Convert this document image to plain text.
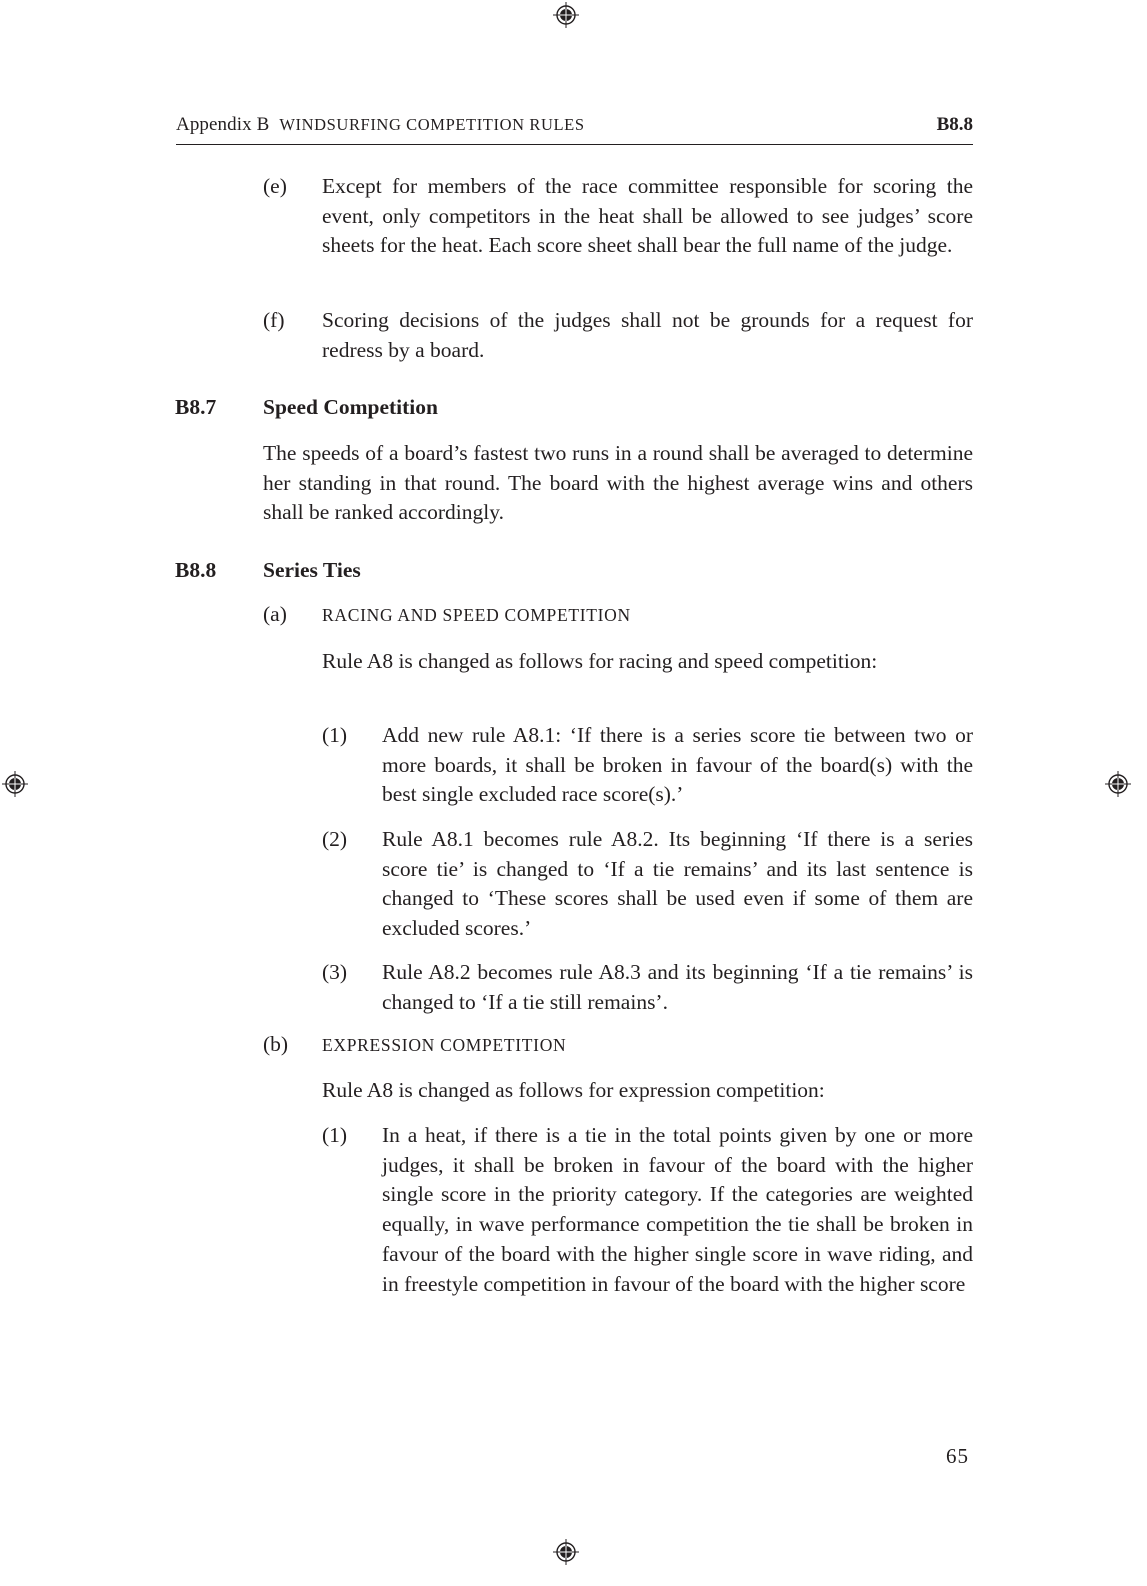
Appendix B WINDSURFING COMPETITION RULES	B8.8
(e)	Except for members of the race committee responsible for scoring the event, only competitors in the heat shall be allowed to see judges’ score sheets for the heat. Each score sheet shall bear the full name of the judge.
(f)	Scoring decisions of the judges shall not be grounds for a request for redress by a board.
B8.7	Speed Competition
The speeds of a board’s fastest two runs in a round shall be averaged to determine her standing in that round. The board with the highest average wins and others shall be ranked accordingly.
B8.8	Series Ties
(a)	RACING AND SPEED COMPETITION
Rule A8 is changed as follows for racing and speed competition:
(1)	Add new rule A8.1: ‘If there is a series score tie between two or more boards, it shall be broken in favour of the board(s) with the best single excluded race score(s).’
(2)	Rule A8.1 becomes rule A8.2. Its beginning ‘If there is a series score tie’ is changed to ‘If a tie remains’ and its last sentence is changed to ‘These scores shall be used even if some of them are excluded scores.’
(3)	Rule A8.2 becomes rule A8.3 and its beginning ‘If a tie remains’ is changed to ‘If a tie still remains’.
(b)	EXPRESSION COMPETITION
Rule A8 is changed as follows for expression competition:
(1)	In a heat, if there is a tie in the total points given by one or more judges, it shall be broken in favour of the board with the higher single score in the priority category. If the categories are weighted equally, in wave performance competition the tie shall be broken in favour of the board with the higher single score in wave riding, and in freestyle competition in favour of the board with the higher score
65
